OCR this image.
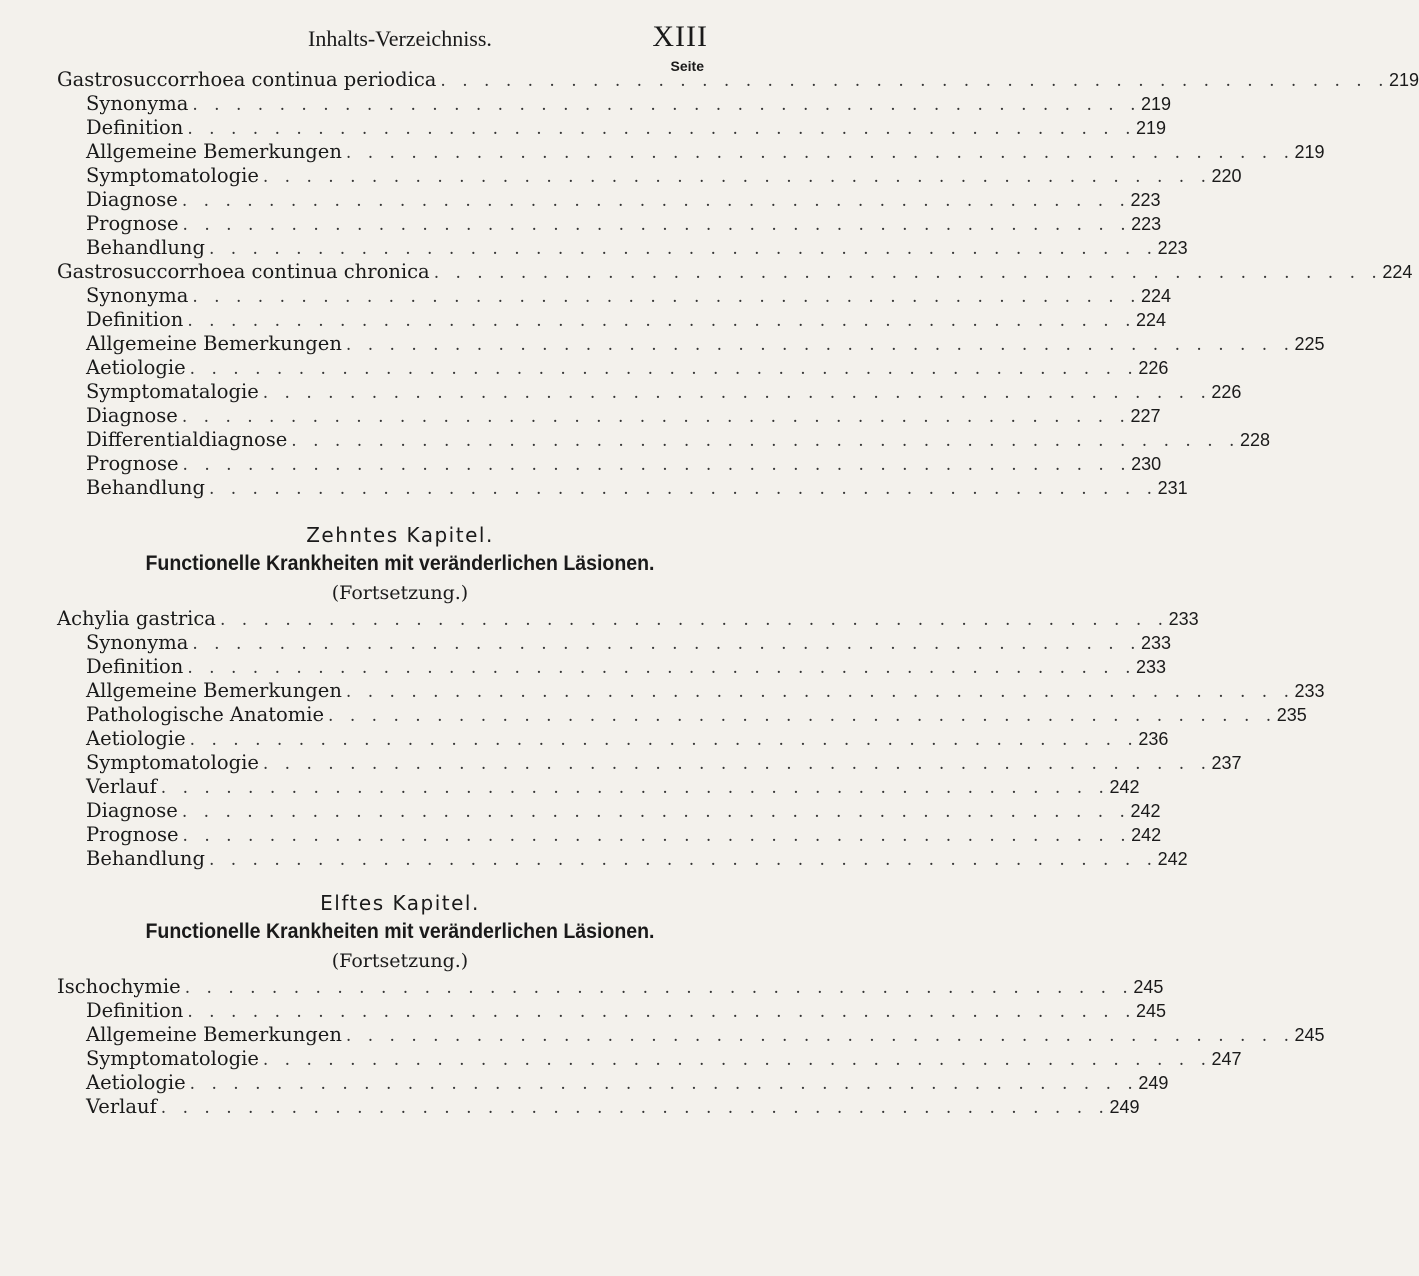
Inhalts-Verzeichniss.	XIII
Seite
Gastrosuccorrhoea continua periodica . . . . . . . . . . . . . . . . . . . . . . . . . . . . . . . . . . . . . . . . . . . . 219
Synonyma . . . . . . . . . . . . . . . . . . . . . . . . . . . . . . . . . . . . . . . . . . . . 219
Definition . . . . . . . . . . . . . . . . . . . . . . . . . . . . . . . . . . . . . . . . . . . . 219
Allgemeine Bemerkungen . . . . . . . . . . . . . . . . . . . . . . . . . . . . . . . . . . . . . . . . . . . . 219
Symptomatologie . . . . . . . . . . . . . . . . . . . . . . . . . . . . . . . . . . . . . . . . . . . . 220
Diagnose . . . . . . . . . . . . . . . . . . . . . . . . . . . . . . . . . . . . . . . . . . . . 223
Prognose . . . . . . . . . . . . . . . . . . . . . . . . . . . . . . . . . . . . . . . . . . . . 223
Behandlung . . . . . . . . . . . . . . . . . . . . . . . . . . . . . . . . . . . . . . . . . . . . 223
Gastrosuccorrhoea continua chronica . . . . . . . . . . . . . . . . . . . . . . . . . . . . . . . . . . . . . . . . . . . . 224
Synonyma . . . . . . . . . . . . . . . . . . . . . . . . . . . . . . . . . . . . . . . . . . . . 224
Definition . . . . . . . . . . . . . . . . . . . . . . . . . . . . . . . . . . . . . . . . . . . . 224
Allgemeine Bemerkungen . . . . . . . . . . . . . . . . . . . . . . . . . . . . . . . . . . . . . . . . . . . . 225
Aetiologie . . . . . . . . . . . . . . . . . . . . . . . . . . . . . . . . . . . . . . . . . . . . 226
Symptomatalogie . . . . . . . . . . . . . . . . . . . . . . . . . . . . . . . . . . . . . . . . . . . . 226
Diagnose . . . . . . . . . . . . . . . . . . . . . . . . . . . . . . . . . . . . . . . . . . . . 227
Differentialdiagnose . . . . . . . . . . . . . . . . . . . . . . . . . . . . . . . . . . . . . . . . . . . . 228
Prognose . . . . . . . . . . . . . . . . . . . . . . . . . . . . . . . . . . . . . . . . . . . . 230
Behandlung . . . . . . . . . . . . . . . . . . . . . . . . . . . . . . . . . . . . . . . . . . . . 231
Zehntes Kapitel.
Functionelle Krankheiten mit veränderlichen Läsionen.
(Fortsetzung.)
Achylia gastrica . . . . . . . . . . . . . . . . . . . . . . . . . . . . . . . . . . . . . . . . . . . . 233
Synonyma . . . . . . . . . . . . . . . . . . . . . . . . . . . . . . . . . . . . . . . . . . . . 233
Definition . . . . . . . . . . . . . . . . . . . . . . . . . . . . . . . . . . . . . . . . . . . . 233
Allgemeine Bemerkungen . . . . . . . . . . . . . . . . . . . . . . . . . . . . . . . . . . . . . . . . . . . . 233
Pathologische Anatomie . . . . . . . . . . . . . . . . . . . . . . . . . . . . . . . . . . . . . . . . . . . . 235
Aetiologie . . . . . . . . . . . . . . . . . . . . . . . . . . . . . . . . . . . . . . . . . . . . 236
Symptomatologie . . . . . . . . . . . . . . . . . . . . . . . . . . . . . . . . . . . . . . . . . . . . 237
Verlauf . . . . . . . . . . . . . . . . . . . . . . . . . . . . . . . . . . . . . . . . . . . . 242
Diagnose . . . . . . . . . . . . . . . . . . . . . . . . . . . . . . . . . . . . . . . . . . . . 242
Prognose . . . . . . . . . . . . . . . . . . . . . . . . . . . . . . . . . . . . . . . . . . . . 242
Behandlung . . . . . . . . . . . . . . . . . . . . . . . . . . . . . . . . . . . . . . . . . . . . 242
Elftes Kapitel.
Functionelle Krankheiten mit veränderlichen Läsionen.
(Fortsetzung.)
Ischochymie . . . . . . . . . . . . . . . . . . . . . . . . . . . . . . . . . . . . . . . . . . . . 245
Definition . . . . . . . . . . . . . . . . . . . . . . . . . . . . . . . . . . . . . . . . . . . . 245
Allgemeine Bemerkungen . . . . . . . . . . . . . . . . . . . . . . . . . . . . . . . . . . . . . . . . . . . . 245
Symptomatologie . . . . . . . . . . . . . . . . . . . . . . . . . . . . . . . . . . . . . . . . . . . . 247
Aetiologie . . . . . . . . . . . . . . . . . . . . . . . . . . . . . . . . . . . . . . . . . . . . 249
Verlauf . . . . . . . . . . . . . . . . . . . . . . . . . . . . . . . . . . . . . . . . . . . . 249
